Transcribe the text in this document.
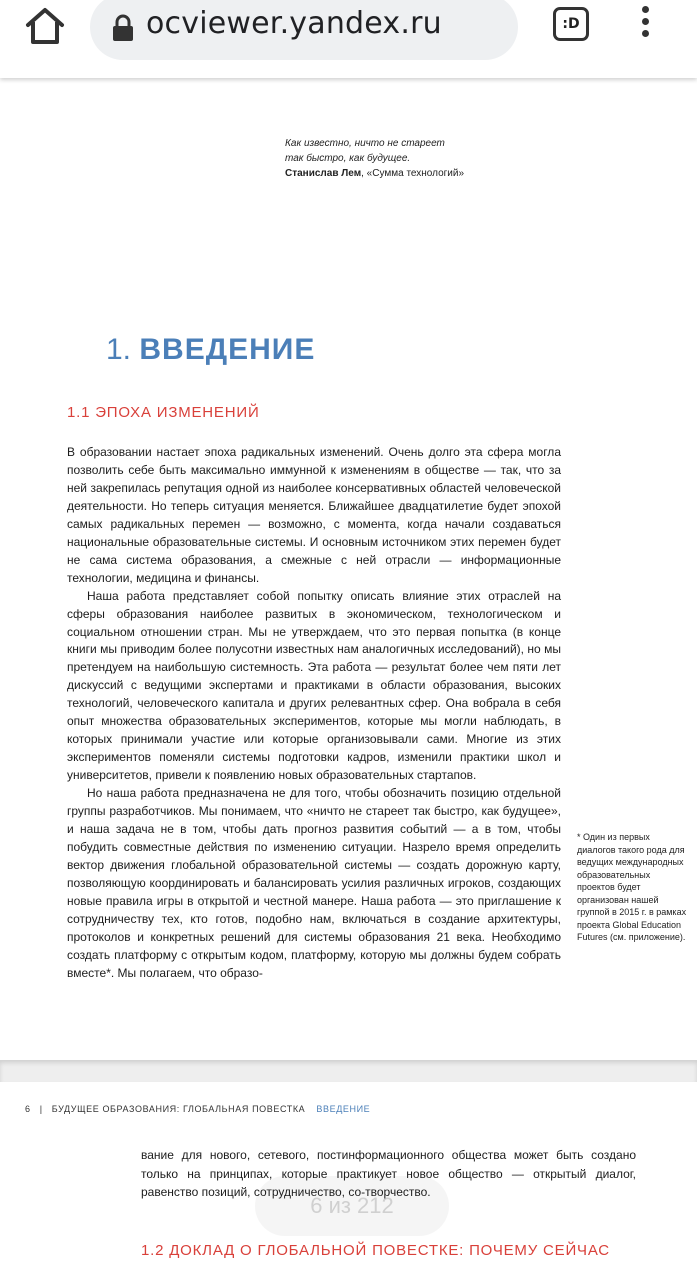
ocviewer.yandex.ru	:D
Как известно, ничто не стареет
так быстро, как будущее.
Станислав Лем, «Сумма технологий»
1. ВВЕДЕНИЕ
1.1 ЭПОХА ИЗМЕНЕНИЙ

В образовании настает эпоха радикальных изменений. Очень долго эта сфера могла позволить себе быть максимально иммунной к изменениям в обществе — так, что за ней закрепилась репутация одной из наиболее консервативных областей человеческой деятельности. Но теперь ситуация меняется. Ближайшее двадцатилетие будет эпохой самых радикальных перемен — возможно, с момента, когда начали создаваться национальные образовательные системы. И основным источником этих перемен будет не сама система образования, а смежные с ней отрасли — информационные технологии, медицина и финансы.

Наша работа представляет собой попытку описать влияние этих отраслей на сферы образования наиболее развитых в экономическом, технологическом и социальном отношении стран. Мы не утверждаем, что это первая попытка (в конце книги мы приводим более полусотни известных нам аналогичных исследований), но мы претендуем на наибольшую системность. Эта работа — результат более чем пяти лет дискуссий с ведущими экспертами и практиками в области образования, высоких технологий, человеческого капитала и других релевантных сфер. Она вобрала в себя опыт множества образовательных экспериментов, которые мы могли наблюдать, в которых принимали участие или которые организовывали сами. Многие из этих экспериментов поменяли системы подготовки кадров, изменили практики школ и университетов, привели к появлению новых образовательных стартапов.

Но наша работа предназначена не для того, чтобы обозначить позицию отдельной группы разработчиков. Мы понимаем, что «ничто не стареет так быстро, как будущее», и наша задача не в том, чтобы дать прогноз развития событий — а в том, чтобы побудить совместные действия по изменению ситуации. Назрело время определить вектор движения глобальной образовательной системы — создать дорожную карту, позволяющую координировать и балансировать усилия различных игроков, создающих новые правила игры в открытой и честной манере. Наша работа — это приглашение к сотрудничеству тех, кто готов, подобно нам, включаться в создание архитектуры, протоколов и конкретных решений для системы образования 21 века. Необходимо создать платформу с открытым кодом, платформу, которую мы должны будем собрать вместе*. Мы полагаем, что образо-

* Один из первых диалогов такого рода для ведущих международных образовательных проектов будет организован нашей группой в 2015 г. в рамках проекта Global Education Futures (см. приложение).
6 | БУДУЩЕЕ ОБРАЗОВАНИЯ: ГЛОБАЛЬНАЯ ПОВЕСТКА ВВЕДЕНИЕ
вание для нового, сетевого, постинформационного общества может быть создано только на принципах, которые практикует новое общество — открытый диалог, равенство позиций, сотрудничество, со-творчество.
6 из 212
1.2 ДОКЛАД О ГЛОБАЛЬНОЙ ПОВЕСТКЕ: ПОЧЕМУ СЕЙЧАС
